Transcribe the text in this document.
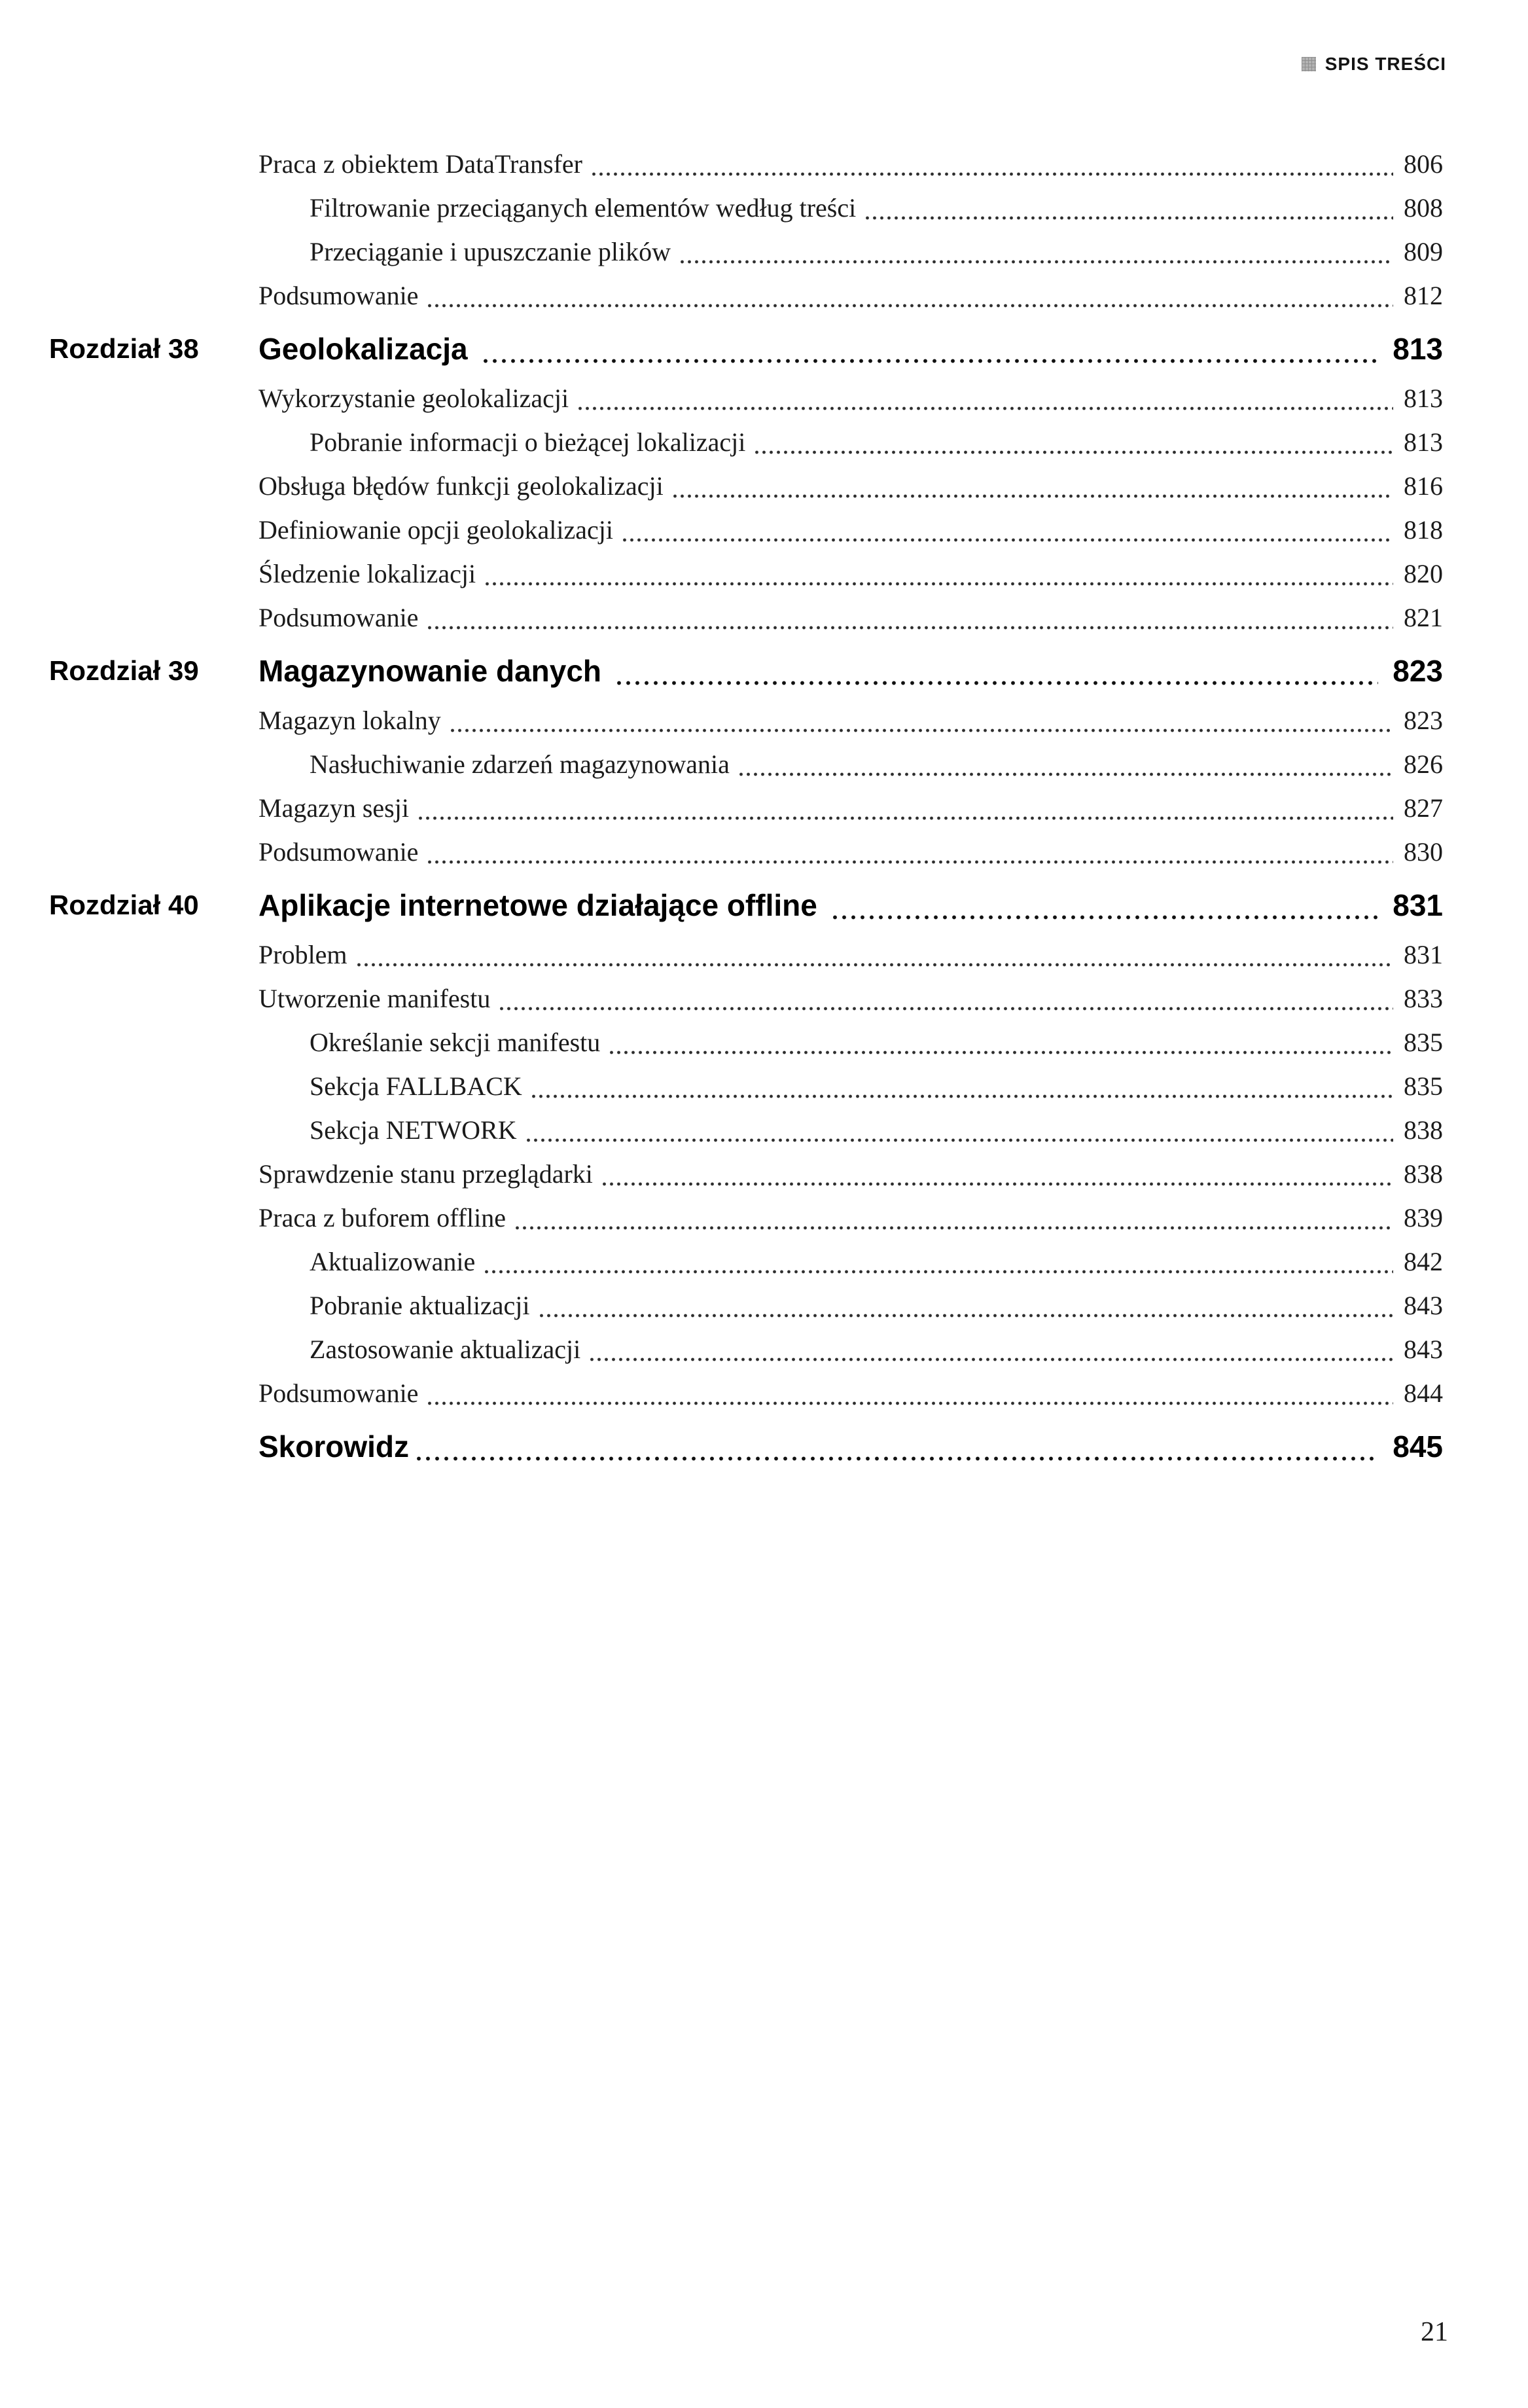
SPIS TREŚCI
Praca z obiektem DataTransfer	806
Filtrowanie przeciąganych elementów według treści	808
Przeciąganie i upuszczanie plików	809
Podsumowanie	812
Rozdział 38 Geolokalizacja	813
Wykorzystanie geolokalizacji	813
Pobranie informacji o bieżącej lokalizacji	813
Obsługa błędów funkcji geolokalizacji	816
Definiowanie opcji geolokalizacji	818
Śledzenie lokalizacji	820
Podsumowanie	821
Rozdział 39 Magazynowanie danych	823
Magazyn lokalny	823
Nasłuchiwanie zdarzeń magazynowania	826
Magazyn sesji	827
Podsumowanie	830
Rozdział 40 Aplikacje internetowe działające offline	831
Problem	831
Utworzenie manifestu	833
Określanie sekcji manifestu	835
Sekcja FALLBACK	835
Sekcja NETWORK	838
Sprawdzenie stanu przeglądarki	838
Praca z buforem offline	839
Aktualizowanie	842
Pobranie aktualizacji	843
Zastosowanie aktualizacji	843
Podsumowanie	844
Skorowidz	845
21
